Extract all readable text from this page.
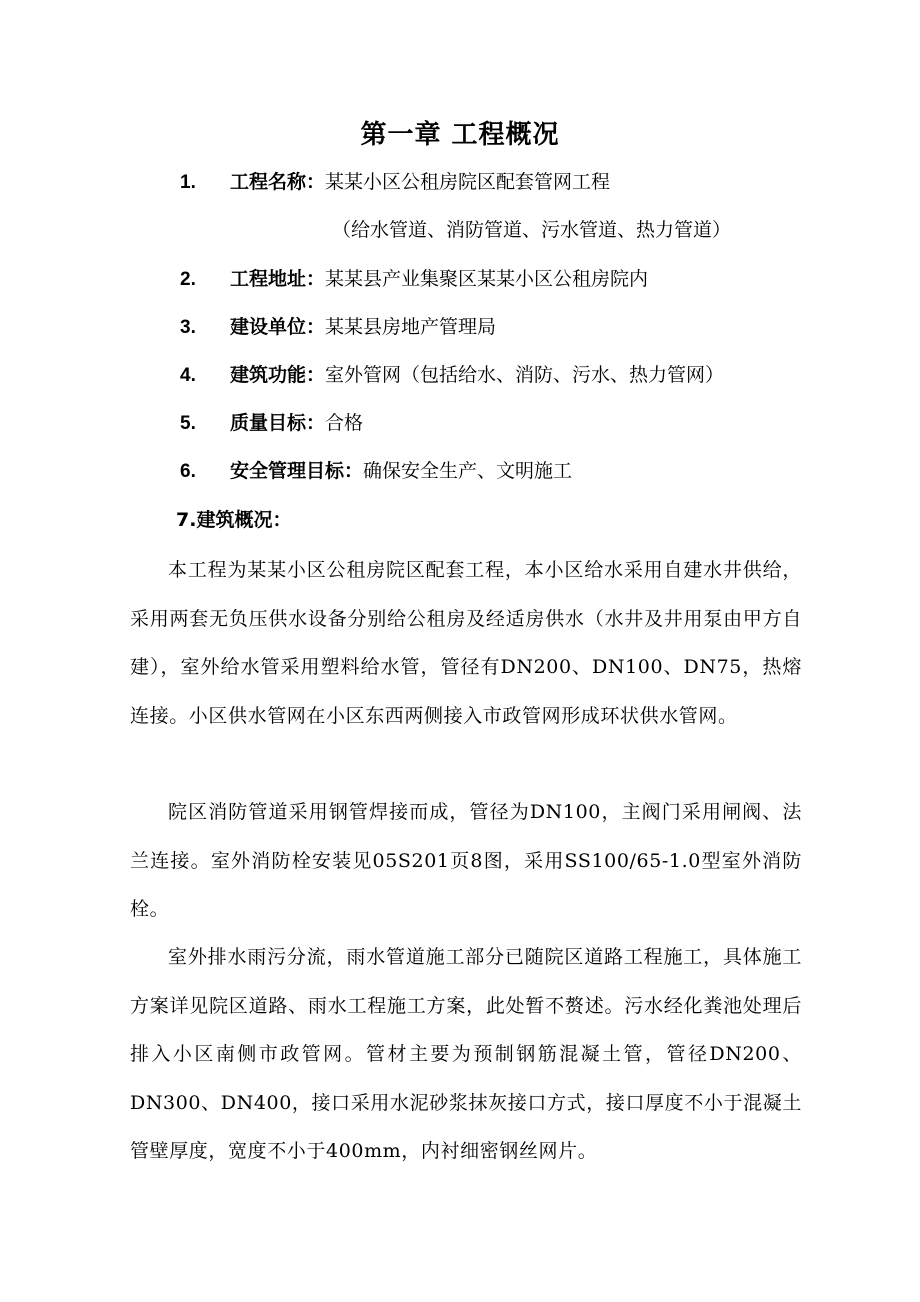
第一章 工程概况
1. 工程名称：某某小区公租房院区配套管网工程
（给水管道、消防管道、污水管道、热力管道）
2. 工程地址：某某县产业集聚区某某小区公租房院内
3. 建设单位：某某县房地产管理局
4. 建筑功能：室外管网（包括给水、消防、污水、热力管网）
5. 质量目标：合格
6. 安全管理目标：确保安全生产、文明施工
7.建筑概况：
本工程为某某小区公租房院区配套工程，本小区给水采用自建水井供给，采用两套无负压供水设备分别给公租房及经适房供水（水井及井用泵由甲方自建），室外给水管采用塑料给水管，管径有DN200、DN100、DN75，热熔连接。小区供水管网在小区东西两侧接入市政管网形成环状供水管网。
院区消防管道采用钢管焊接而成，管径为DN100，主阀门采用闸阀、法兰连接。室外消防栓安装见05S201页8图，采用SS100/65-1.0型室外消防栓。
室外排水雨污分流，雨水管道施工部分已随院区道路工程施工，具体施工方案详见院区道路、雨水工程施工方案，此处暂不赘述。污水经化粪池处理后排入小区南侧市政管网。管材主要为预制钢筋混凝土管，管径DN200、DN300、DN400，接口采用水泥砂浆抹灰接口方式，接口厚度不小于混凝土管壁厚度，宽度不小于400mm，内衬细密钢丝网片。
